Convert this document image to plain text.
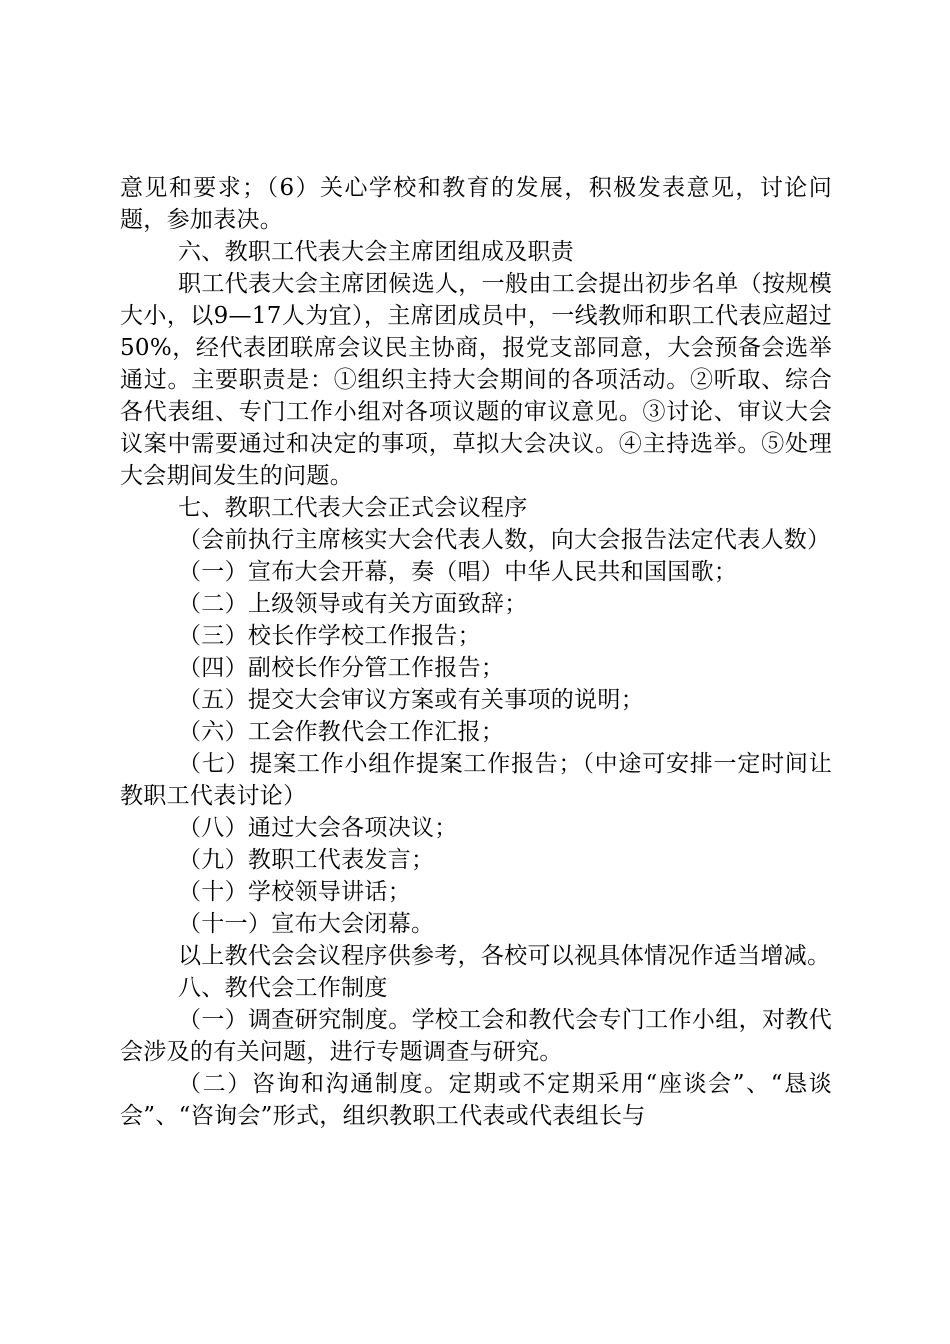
意见和要求；（6）关心学校和教育的发展，积极发表意见，讨论问题，参加表决。

六、教职工代表大会主席团组成及职责

职工代表大会主席团候选人，一般由工会提出初步名单（按规模大小，以9—17人为宜），主席团成员中，一线教师和职工代表应超过50%，经代表团联席会议民主协商，报党支部同意，大会预备会选举通过。主要职责是：①组织主持大会期间的各项活动。②听取、综合各代表组、专门工作小组对各项议题的审议意见。③讨论、审议大会议案中需要通过和决定的事项，草拟大会决议。④主持选举。⑤处理大会期间发生的问题。

七、教职工代表大会正式会议程序

（会前执行主席核实大会代表人数，向大会报告法定代表人数）

（一）宣布大会开幕，奏（唱）中华人民共和国国歌；

（二）上级领导或有关方面致辞；

（三）校长作学校工作报告；

（四）副校长作分管工作报告；

（五）提交大会审议方案或有关事项的说明；

（六）工会作教代会工作汇报；

（七）提案工作小组作提案工作报告；（中途可安排一定时间让教职工代表讨论）

（八）通过大会各项决议；

（九）教职工代表发言；

（十）学校领导讲话；

（十一）宣布大会闭幕。

以上教代会会议程序供参考，各校可以视具体情况作适当增减。

八、教代会工作制度

（一）调查研究制度。学校工会和教代会专门工作小组，对教代会涉及的有关问题，进行专题调查与研究。

（二）咨询和沟通制度。定期或不定期采用“座谈会”、“恳谈会”、“咨询会”形式，组织教职工代表或代表组长与
